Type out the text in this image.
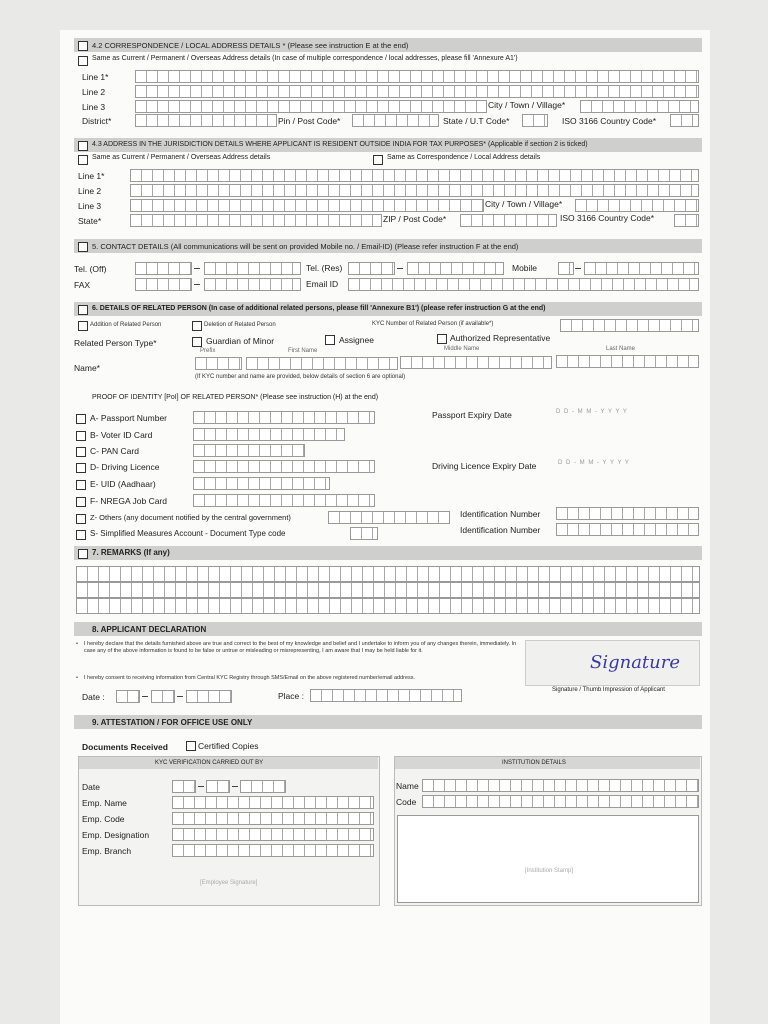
4.2 CORRESPONDENCE / LOCAL ADDRESS DETAILS * (Please see instruction E at the end)
Same as Current / Permanent / Overseas Address details (In case of multiple correspondence / local addresses, please fill 'Annexure A1')
Line 1*
Line 2
Line 3	City / Town / Village*
District*	Pin / Post Code*	State / U.T Code*	ISO 3166 Country Code*
4.3 ADDRESS IN THE JURISDICTION DETAILS WHERE APPLICANT IS RESIDENT OUTSIDE INDIA FOR TAX PURPOSES* (Applicable if section 2 is ticked)
Same as Current / Permanent / Overseas Address details	Same as Correspondence / Local Address details
Line 1*
Line 2
Line 3	City / Town / Village*
State*	ZIP / Post Code*	ISO 3166 Country Code*
5. CONTACT DETAILS (All communications will be sent on provided Mobile no. / Email-ID) (Please refer instruction F at the end)
Tel. (Off)	Tel. (Res)	Mobile
FAX	Email ID
6. DETAILS OF RELATED PERSON (In case of additional related persons, please fill 'Annexure B1') (please refer instruction G at the end)
Addition of Related Person	Deletion of Related Person	KYC Number of Related Person (if available*)
Related Person Type*	Guardian of Minor	Assignee	Authorized Representative
Prefix	First Name	Middle Name	Last Name
Name*
(If KYC number and name are provided, below details of section 6 are optional)
PROOF OF IDENTITY [PoI] OF RELATED PERSON* (Please see instruction (H) at the end)
A- Passport Number	Passport Expiry Date	D D - M M - Y Y Y Y
B- Voter ID Card
C- PAN Card
D- Driving Licence	Driving Licence Expiry Date	D D - M M - Y Y Y Y
E- UID (Aadhaar)
F- NREGA Job Card
Z- Others (any document notified by the central government)	Identification Number
S- Simplified Measures Account - Document Type code	Identification Number
7. REMARKS (If any)
8. APPLICANT DECLARATION
• I hereby declare that the details furnished above are true and correct to the best of my knowledge and belief and I undertake to inform you of any changes therein, immediately. In case any of the above information is found to be false or untrue or misleading or misrepresenting, I am aware that I may be held liable for it.
• I hereby consent to receiving information from Central KYC Registry through SMS/Email on the above registered number/email address.
Date :	Place :
Signature
Signature / Thumb Impression of Applicant
9. ATTESTATION / FOR OFFICE USE ONLY
Documents Received	Certified Copies
KYC VERIFICATION CARRIED OUT BY
Date
Emp. Name
Emp. Code
Emp. Designation
Emp. Branch
[Employee Signature]
INSTITUTION DETAILS
Name
Code
[Institution Stamp]
